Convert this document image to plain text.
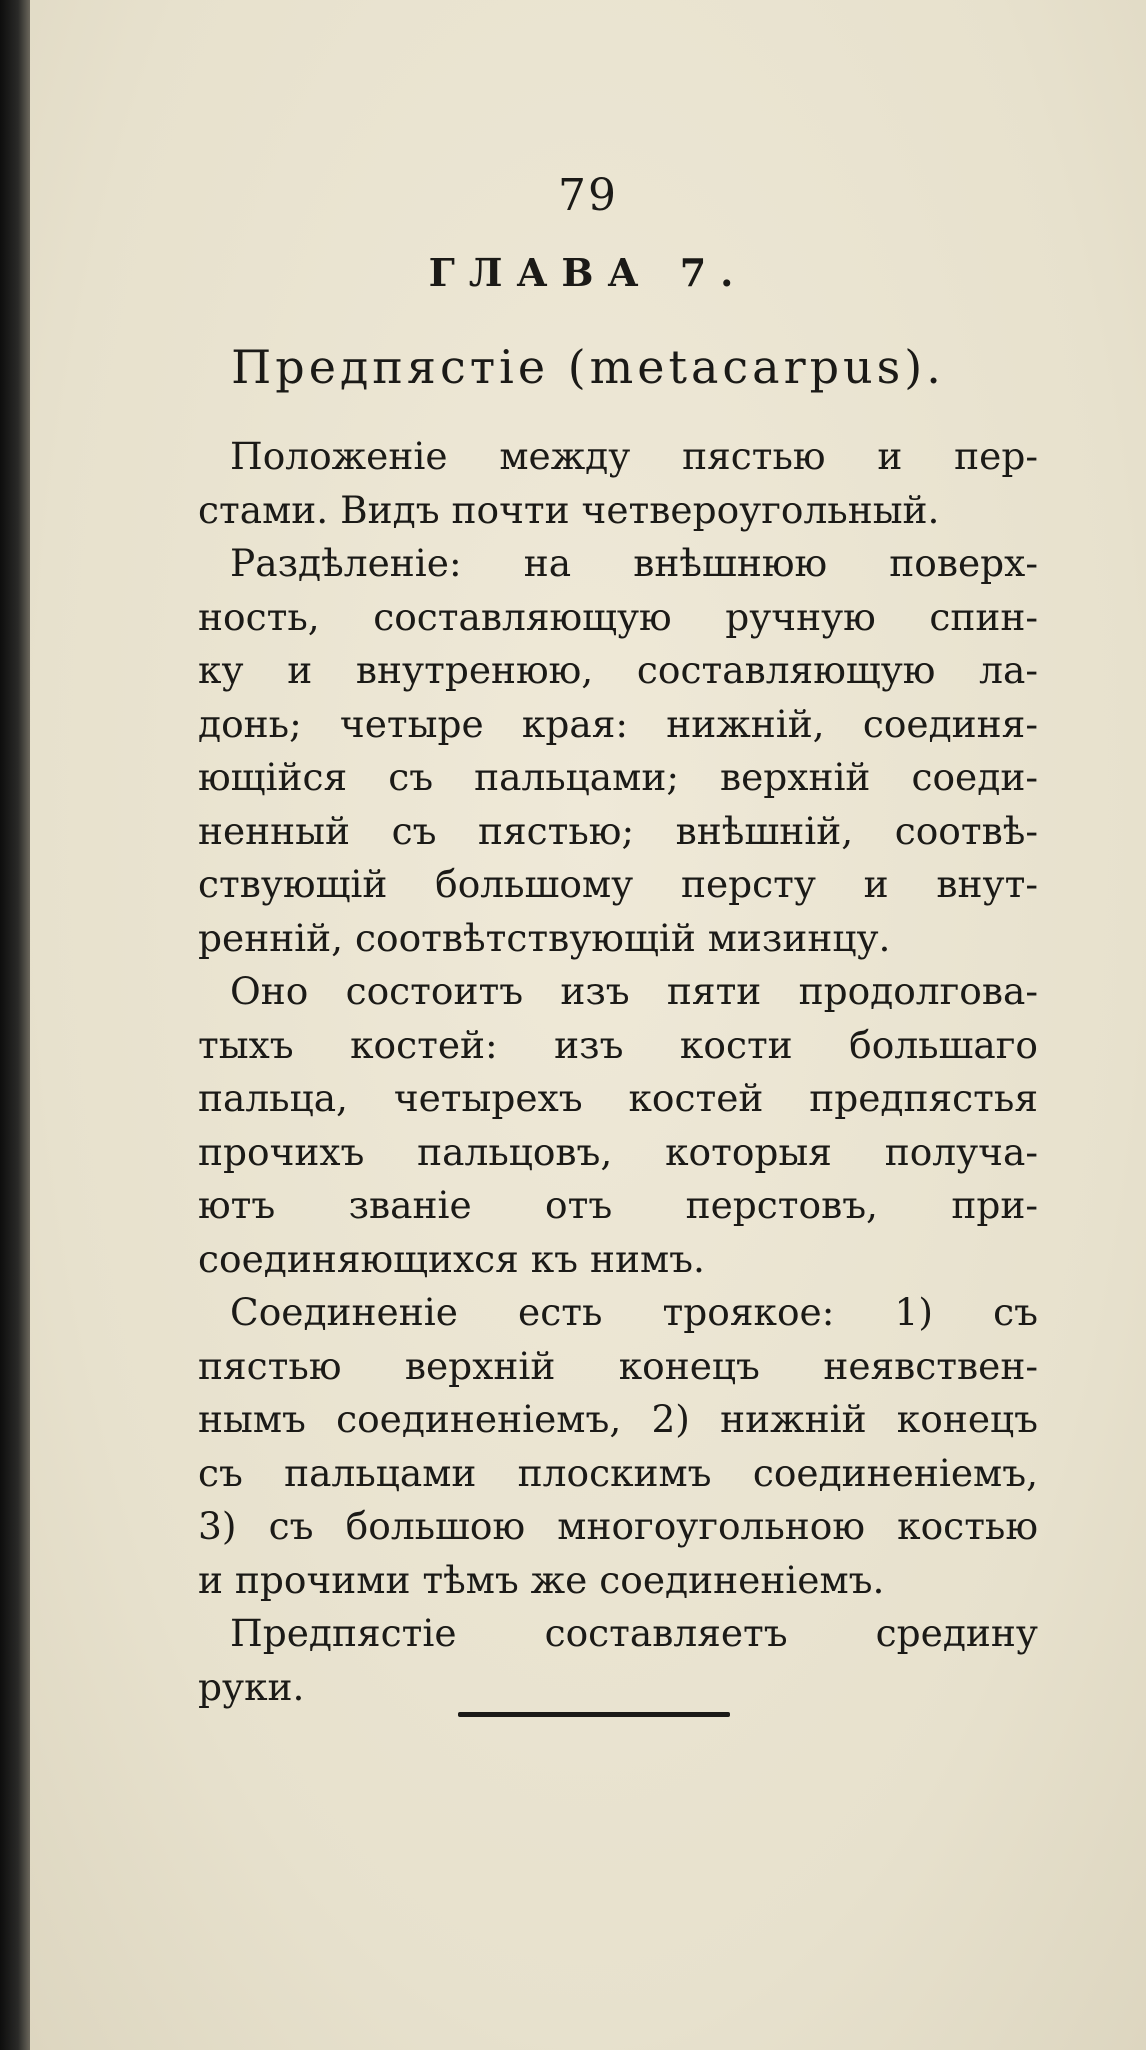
79
ГЛАВА 7.
Предпястіе (metacarpus).
Положеніе между пястью и пер-
стами. Видъ почти четвероугольный.
Раздѣленіе: на внѣшнюю поверх-
ность, составляющую ручную спин-
ку и внутренюю, составляющую ла-
донь; четыре края: нижній, соединя-
ющійся съ пальцами; верхній соеди-
ненный съ пястью; внѣшній, соотвѣ-
ствующій большому персту и внут-
ренній, соотвѣтствующій мизинцу.
Оно состоитъ изъ пяти продолгова-
тыхъ костей: изъ кости большаго
пальца, четырехъ костей предпястья
прочихъ пальцовъ, которыя получа-
ютъ званіе отъ перстовъ, при-
соединяющихся къ нимъ.
Соединеніе есть троякое: 1) съ
пястью верхній конецъ неявствен-
нымъ соединеніемъ, 2) нижній конецъ
съ пальцами плоскимъ соединеніемъ,
3) съ большою многоугольною костью
и прочими тѣмъ же соединеніемъ.
Предпястіе составляетъ средину
руки.
